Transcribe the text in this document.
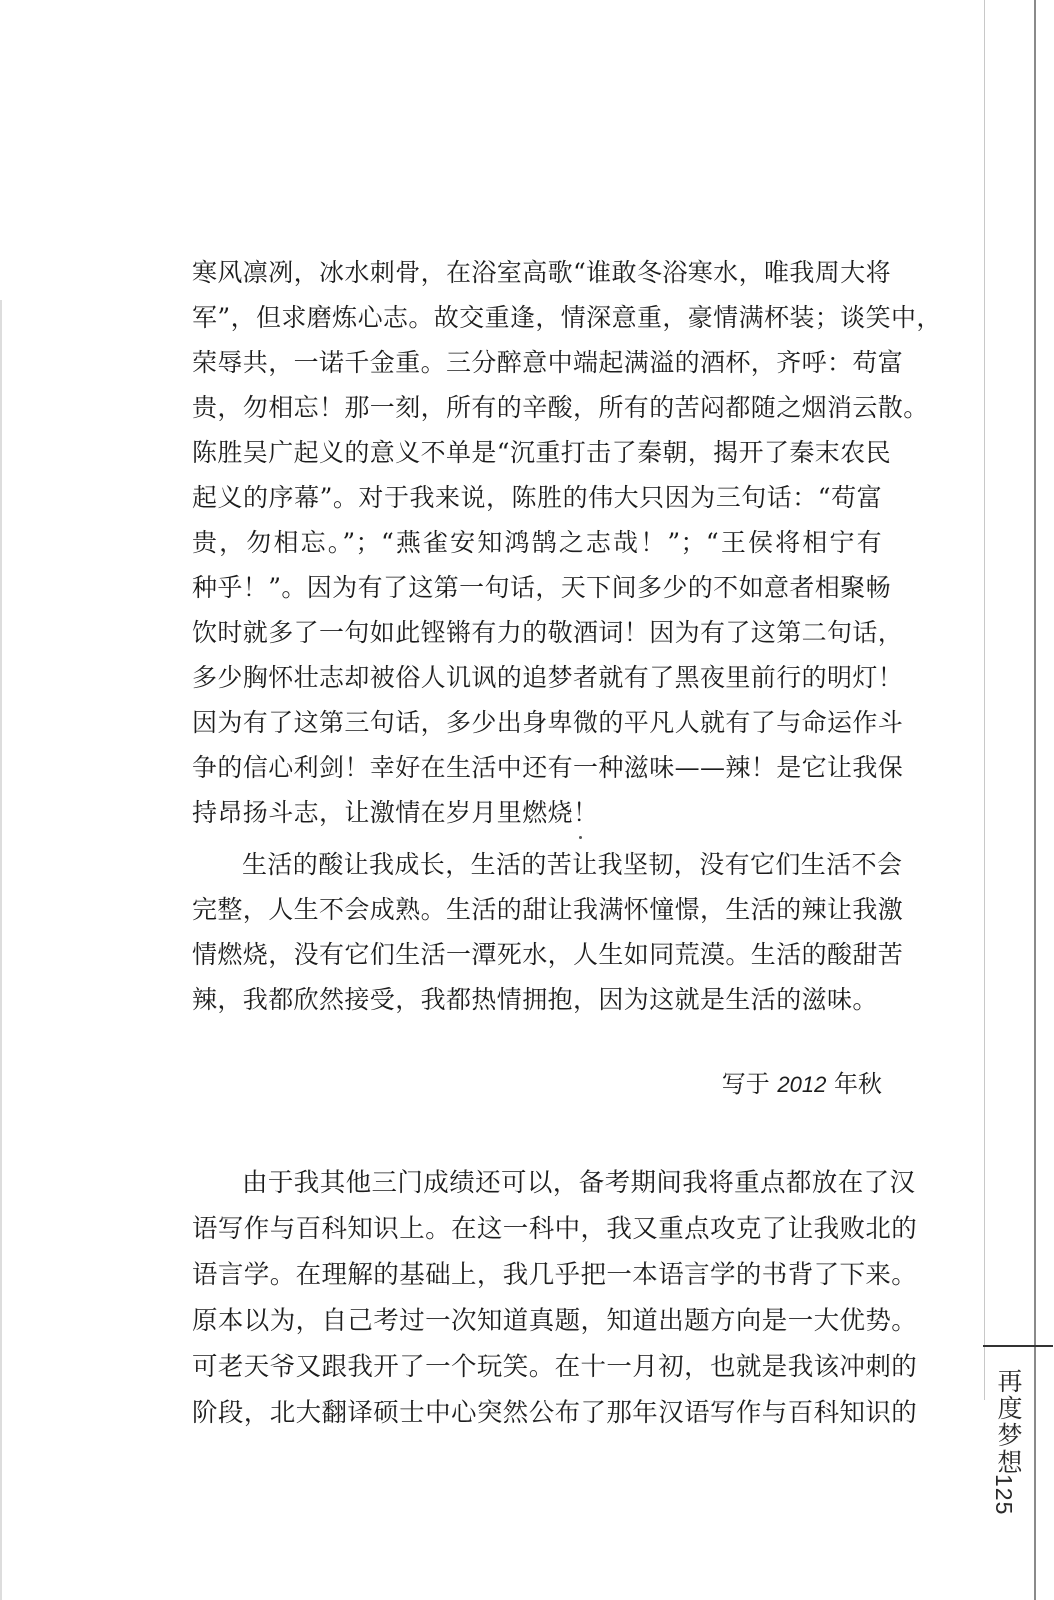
寒风凛冽，冰水刺骨，在浴室高歌“谁敢冬浴寒水，唯我周大将
军”，但求磨炼心志。故交重逢，情深意重，豪情满杯装；谈笑中，
荣辱共，一诺千金重。三分醉意中端起满溢的酒杯，齐呼：苟富
贵，勿相忘！那一刻，所有的辛酸，所有的苦闷都随之烟消云散。
陈胜吴广起义的意义不单是“沉重打击了秦朝，揭开了秦末农民
起义的序幕”。对于我来说，陈胜的伟大只因为三句话：“苟富
贵，勿相忘。”；“燕雀安知鸿鹄之志哉！”；“王侯将相宁有
种乎！”。因为有了这第一句话，天下间多少的不如意者相聚畅
饮时就多了一句如此铿锵有力的敬酒词！因为有了这第二句话，
多少胸怀壮志却被俗人讥讽的追梦者就有了黑夜里前行的明灯！
因为有了这第三句话，多少出身卑微的平凡人就有了与命运作斗
争的信心利剑！幸好在生活中还有一种滋味——辣！是它让我保
持昂扬斗志，让激情在岁月里燃烧！
生活的酸让我成长，生活的苦让我坚韧，没有它们生活不会
完整，人生不会成熟。生活的甜让我满怀憧憬，生活的辣让我激
情燃烧，没有它们生活一潭死水，人生如同荒漠。生活的酸甜苦
辣，我都欣然接受，我都热情拥抱，因为这就是生活的滋味。
写于 2012 年秋
由于我其他三门成绩还可以，备考期间我将重点都放在了汉
语写作与百科知识上。在这一科中，我又重点攻克了让我败北的
语言学。在理解的基础上，我几乎把一本语言学的书背了下来。
原本以为，自己考过一次知道真题，知道出题方向是一大优势。
可老天爷又跟我开了一个玩笑。在十一月初，也就是我该冲刺的
阶段，北大翻译硕士中心突然公布了那年汉语写作与百科知识的	再度梦想
125
